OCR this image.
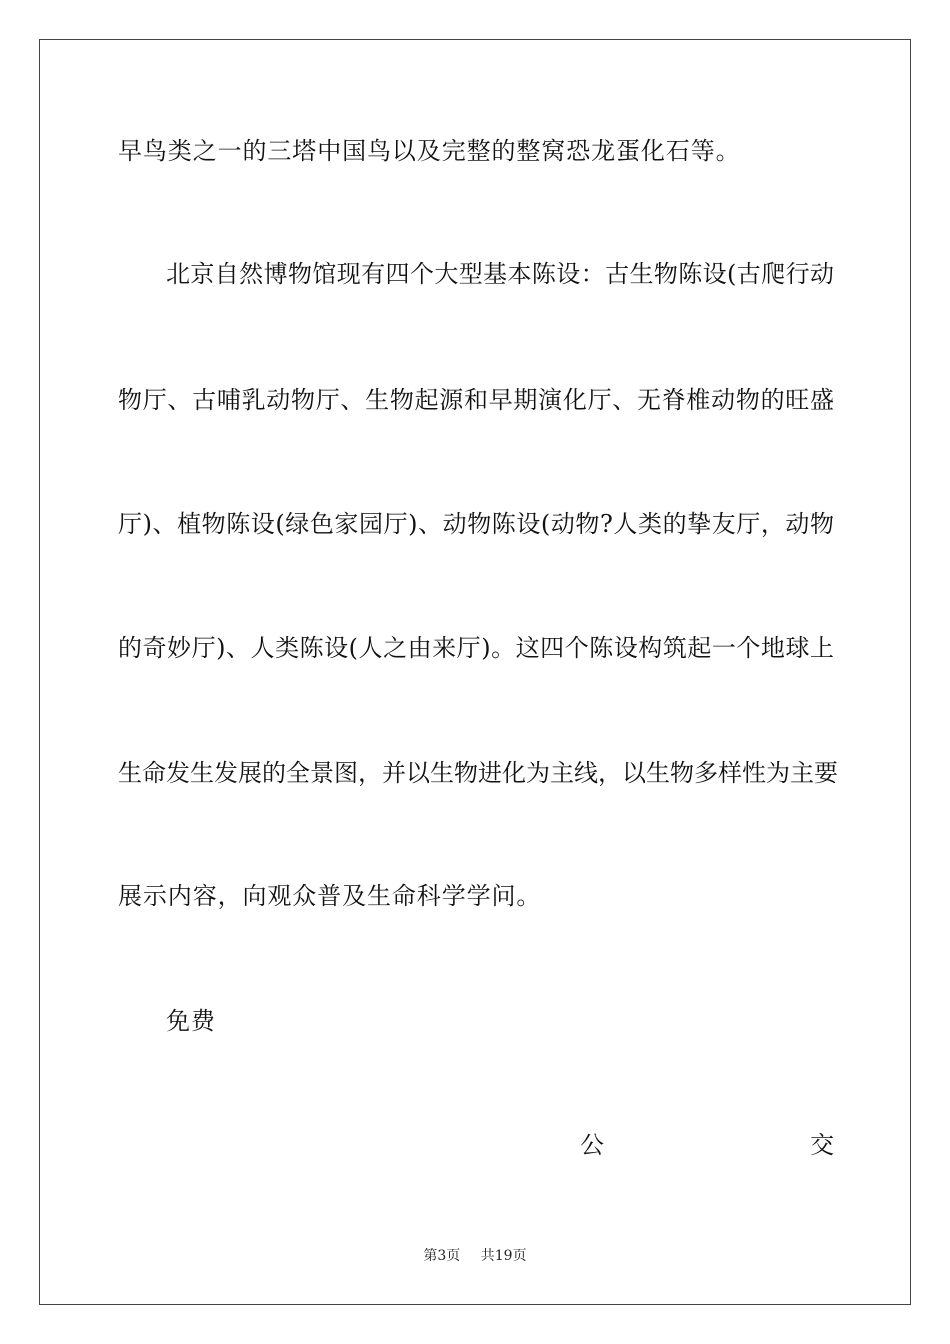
早鸟类之一的三塔中国鸟以及完整的整窝恐龙蛋化石等。
北京自然博物馆现有四个大型基本陈设：古生物陈设(古爬行动
物厅、古哺乳动物厅、生物起源和早期演化厅、无脊椎动物的旺盛
厅)、植物陈设(绿色家园厅)、动物陈设(动物?人类的挚友厅，动物
的奇妙厅)、人类陈设(人之由来厅)。这四个陈设构筑起一个地球上
生命发生发展的全景图，并以生物进化为主线，以生物多样性为主要
展示内容，向观众普及生命科学学问。
免费
公	交
第3页 共19页
